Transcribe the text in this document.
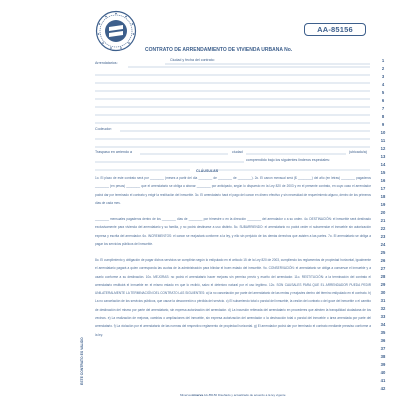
AA-85156
CONTRATO DE ARRENDAMIENTO DE VIVIENDA URBANA No.
Ciudad y fecha del contrato:
Arrendatarios:
Codeudor:
Traspaso en arriendo a	ciudad	(ubicado/a)
comprendido bajo los siguientes linderos especiales:
1
2
3
4
5
6
7
8
9
10
11
12
13
14
15
16
17
18
19
20
21
22
23
24
25
26
27
28
29
30
31
32
33
34
35
36
37
38
39
40
41
42
CLÁUSULAS
1o. El plazo de este contrato será por ________ (meses a partir del día ________ de ________ de ________). 2o. El canon mensual será ($ ________) del año (en letras) ________ pagaderos ________ (en pesos) ________ que el arrendatario se obliga a abonar ________ por anticipado, según lo dispuesto en la Ley 820 de 2003 y en el presente contrato, en cuyo caso el arrendador podrá dar por terminado el contrato y exigir la restitución del inmueble. 3o. El arrendatario hará el pago del canon en dinero efectivo y sin necesidad de requerimiento alguno, dentro de los primeros días de cada mes.
________ mensuales pagaderos dentro de los ________ días de ________ por trimestre o en la dirección ________ del arrendador o a su orden. 4o. DESTINACIÓN: el inmueble será destinado exclusivamente para vivienda del arrendatario y su familia, y no podrá destinarse a uso distinto. 5o. SUBARRIENDO: el arrendatario no podrá ceder ni subarrendar el inmueble sin autorización expresa y escrita del arrendador. 6o. INCREMENTOS: el canon se reajustará conforme a la ley, y ello sin perjuicio de los demás derechos que asisten a las partes. 7o. El arrendatario se obliga a pagar los servicios públicos del inmueble.
8o. El cumplimiento y obligación de pagar dichos servicios se cumplirán según lo estipulado en el artículo 15 de la Ley 820 de 2003, cumpliendo los reglamentos de propiedad horizontal, igualmente el arrendatario pagará a quien corresponda las cuotas de la administración para blindar el buen estado del inmueble. 9o. CONSERVACIÓN: el arrendatario se obliga a conservar el inmueble y a usarlo conforme a su destinación. 10o. MEJORAS: no podrá el arrendatario hacer mejoras sin permiso previo y escrito del arrendador. 11o. RESTITUCIÓN: a la terminación del contrato el arrendatario restituirá el inmueble en el mismo estado en que lo recibió, salvo el deterioro natural por el uso legítimo. 12o. SON CAUSALES PARA QUE EL ARRENDADOR PUEDA PEDIR UNILATERALMENTE LA TERMINACIÓN DEL CONTRATO LAS SIGUIENTES: a) la no cancelación por parte del arrendatario de las rentas y reajustes dentro del término estipulado en el contrato. b) La no cancelación de los servicios públicos, que cause la desconexión o pérdida del servicio. c) El subarriendo total o parcial del inmueble, la cesión del contrato o del goce del inmueble o el cambio de destinación del mismo por parte del arrendatario, sin expresa autorización del arrendador. d) La incursión reiterada del arrendatario en procederes que afecten la tranquilidad ciudadana de los vecinos. e) La realización de mejoras, cambios o ampliaciones del inmueble, sin expresa autorización del arrendador o la destrucción total o parcial del inmueble o área arrendada por parte del arrendatario. f) La violación por el arrendatario de las normas del respectivo reglamento de propiedad horizontal. g) El arrendador podrá dar por terminado el contrato mediante preaviso conforme a la ley.
ESTE CONTRATO ES VALIDO
Minerva minerva AA-85156 Diseñado y actualizado de acuerdo a la ley vigente
